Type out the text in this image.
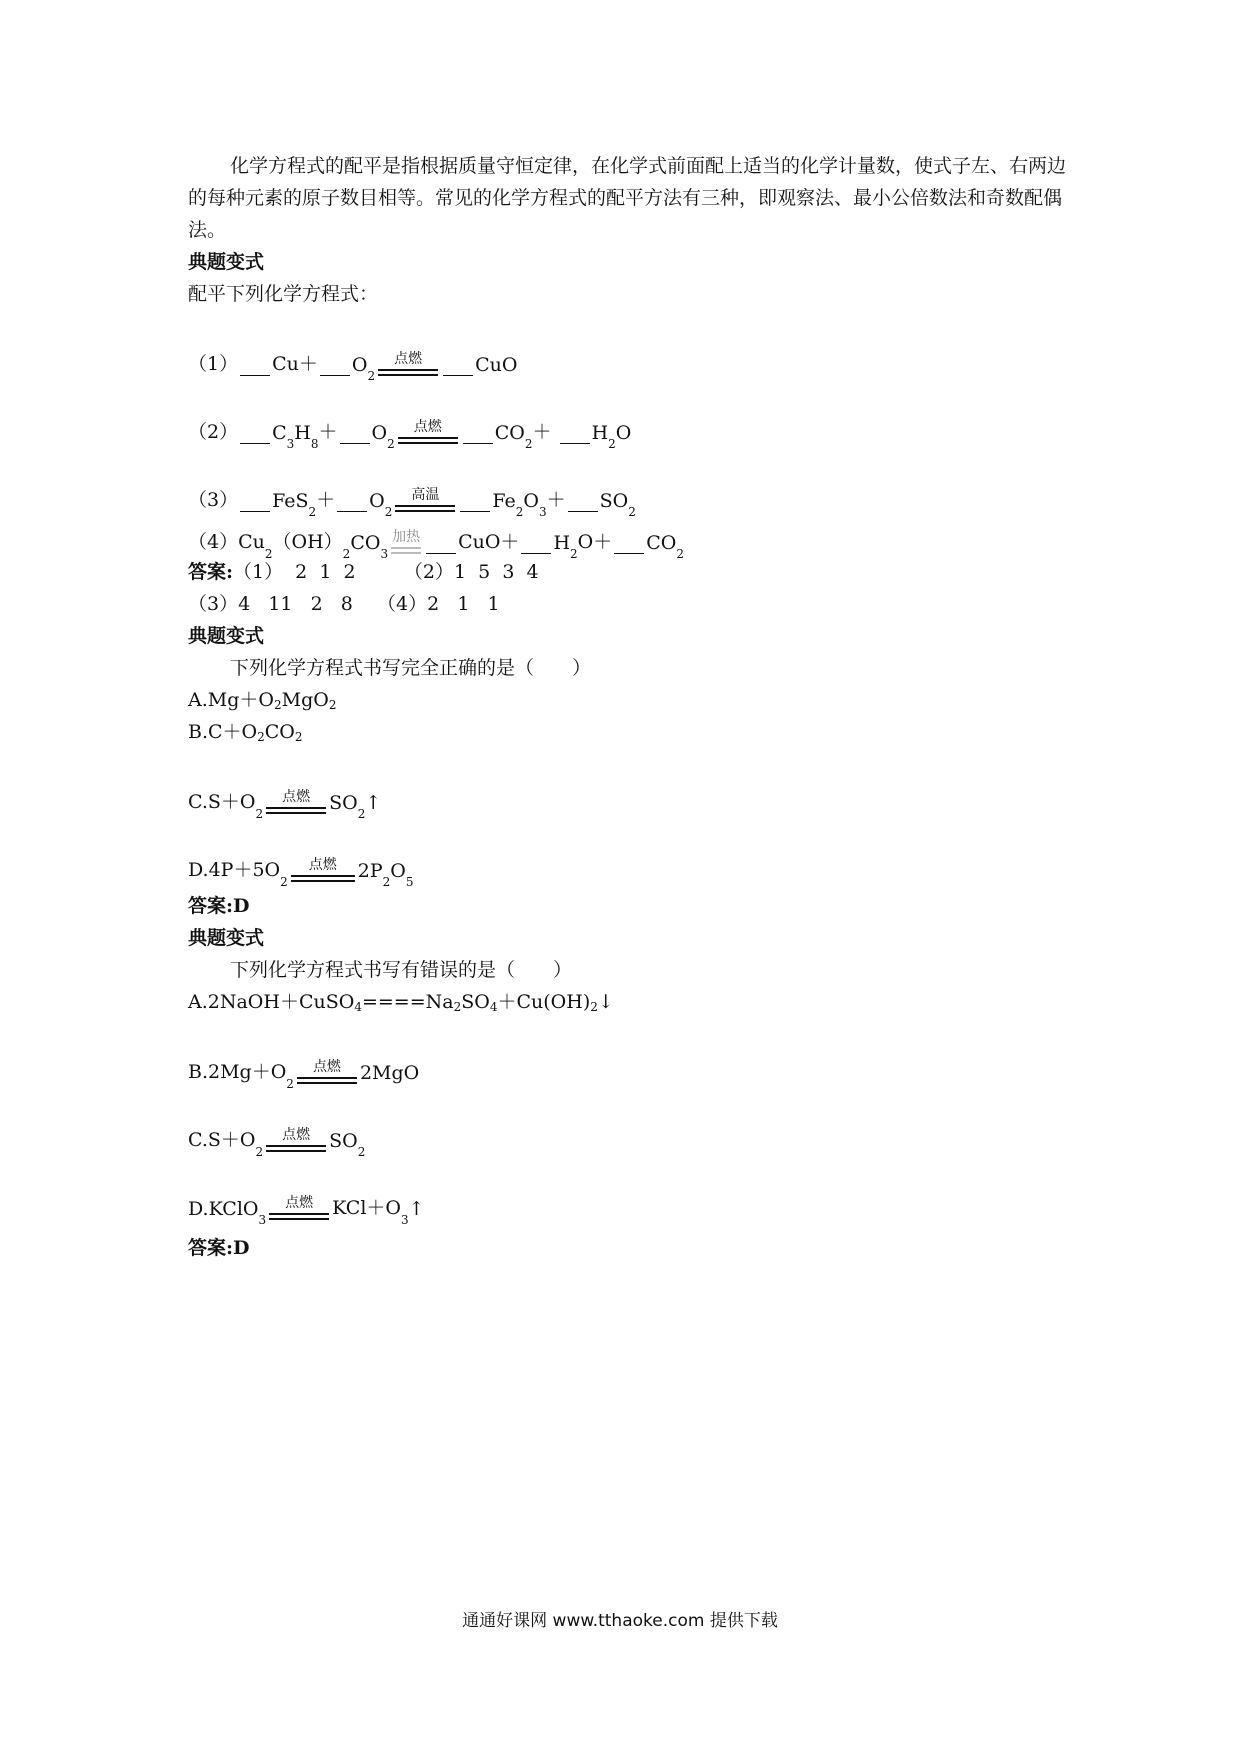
化学方程式的配平是指根据质量守恒定律，在化学式前面配上适当的化学计量数，使式子左、右两边的每种元素的原子数目相等。常见的化学方程式的配平方法有三种，即观察法、最小公倍数法和奇数配偶法。

典题变式

配平下列化学方程式：

（1） Cu＋ O 2
点燃	CuO
（2） C 3 H 8
＋ O 2
点燃	CO 2
＋
H 2 O
（3） FeS 2
＋ O 2
高温	Fe 2 O 3
＋ SO 2
（4）Cu
2
（OH）
2 CO 3
加热 CuO＋ H 2
O＋ CO 2

答案:（1）  2  1  2        （2）1  5  3  4

（3）4   11   2   8    （4）2   1   1

典题变式

下列化学方程式书写完全正确的是（　　）

$A.Mg+O_2MgO_2$

$B.C+O_2CO_2$

C.S＋O
2
点燃 SO 2 ↑
D.4P＋5O
2
点燃 2P 2 O 5

答案:D

典题变式

下列化学方程式书写有错误的是（　　）

$A.2NaOH+CuSO_4====Na_2SO_4+Cu(OH)_2↓$

B.2Mg＋O
2
点燃 2MgO
C.S＋O
2
点燃 SO 2
D.KClO 3
点燃 KCl＋O
3 ↑

答案:D

通通好课网 www.tthaoke.com 提供下载
